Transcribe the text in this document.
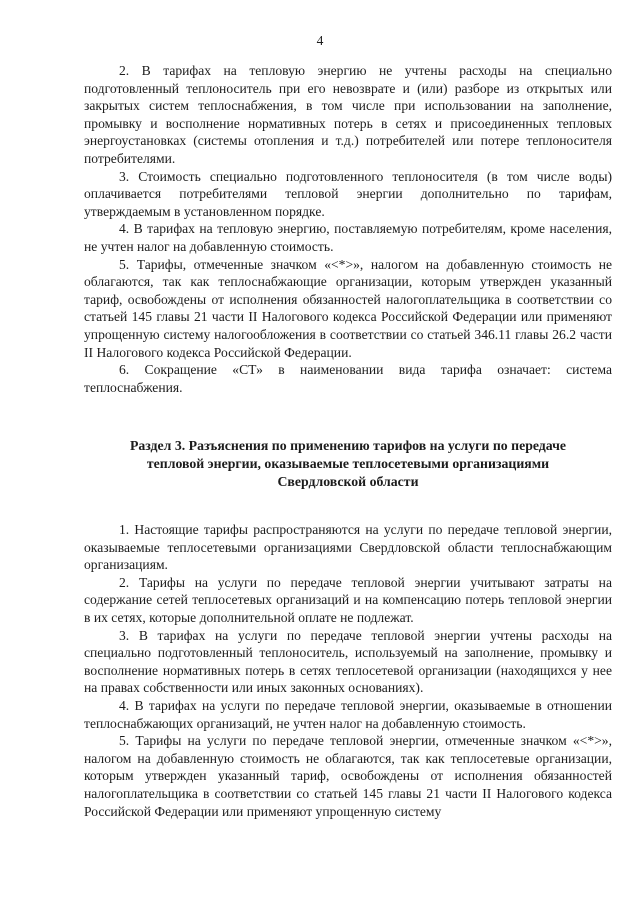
4

2. В тарифах на тепловую энергию не учтены расходы на специально подготовленный теплоноситель при его невозврате и (или) разборе из открытых или закрытых систем теплоснабжения, в том числе при использовании на заполнение, промывку и восполнение нормативных потерь в сетях и присоединенных тепловых энергоустановках (системы отопления и т.д.) потребителей или потере теплоносителя потребителями.

3. Стоимость специально подготовленного теплоносителя (в том числе воды) оплачивается потребителями тепловой энергии дополнительно по тарифам, утверждаемым в установленном порядке.

4. В тарифах на тепловую энергию, поставляемую потребителям, кроме населения, не учтен налог на добавленную стоимость.

5. Тарифы, отмеченные значком «<*>», налогом на добавленную стоимость не облагаются, так как теплоснабжающие организации, которым утвержден указанный тариф, освобождены от исполнения обязанностей налогоплательщика в соответствии со статьей 145 главы 21 части II Налогового кодекса Российской Федерации или применяют упрощенную систему налогообложения в соответствии со статьей 346.11 главы 26.2 части II Налогового кодекса Российской Федерации.

6. Сокращение «СТ» в наименовании вида тарифа означает: система теплоснабжения.

Раздел 3. Разъяснения по применению тарифов на услуги по передаче
тепловой энергии, оказываемые теплосетевыми организациями
Свердловской области

1. Настоящие тарифы распространяются на услуги по передаче тепловой энергии, оказываемые теплосетевыми организациями Свердловской области теплоснабжающим организациям.

2. Тарифы на услуги по передаче тепловой энергии учитывают затраты на содержание сетей теплосетевых организаций и на компенсацию потерь тепловой энергии в их сетях, которые дополнительной оплате не подлежат.

3. В тарифах на услуги по передаче тепловой энергии учтены расходы на специально подготовленный теплоноситель, используемый на заполнение, промывку и восполнение нормативных потерь в сетях теплосетевой организации (находящихся у нее на правах собственности или иных законных основаниях).

4. В тарифах на услуги по передаче тепловой энергии, оказываемые в отношении теплоснабжающих организаций, не учтен налог на добавленную стоимость.

5. Тарифы на услуги по передаче тепловой энергии, отмеченные значком «<*>», налогом на добавленную стоимость не облагаются, так как теплосетевые организации, которым утвержден указанный тариф, освобождены от исполнения обязанностей налогоплательщика в соответствии со статьей 145 главы 21 части II Налогового кодекса Российской Федерации или применяют упрощенную систему
